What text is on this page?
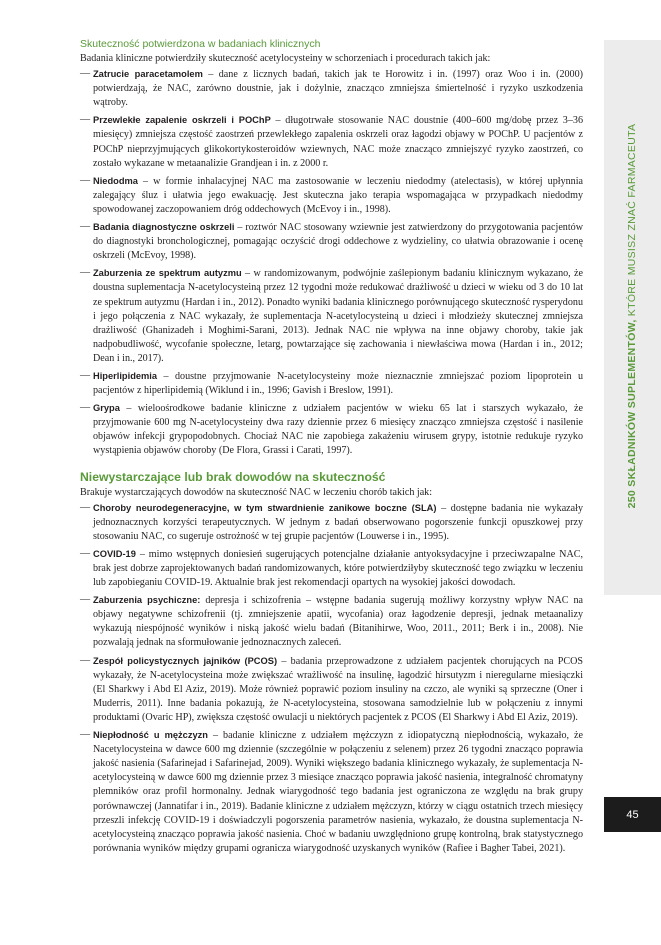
Skuteczność potwierdzona w badaniach klinicznych

Badania kliniczne potwierdziły skuteczność acetylocysteiny w schorzeniach i procedurach takich jak:

— Zatrucie paracetamolem – dane z licznych badań, takich jak te Horowitz i in. (1997) oraz Woo i in. (2000) potwierdzają, że NAC, zarówno doustnie, jak i dożylnie, znacząco zmniejsza śmiertelność i ryzyko uszkodzenia wątroby.
— Przewlekłe zapalenie oskrzeli i POChP – długotrwałe stosowanie NAC doustnie (400–600 mg/dobę przez 3–36 miesięcy) zmniejsza częstość zaostrzeń przewlekłego zapalenia oskrzeli oraz łagodzi objawy w POChP. U pacjentów z POChP nieprzyjmujących glikokortykosteroidów wziewnych, NAC może znacząco zmniejszyć ryzyko zaostrzeń, co zostało wykazane w metaanalizie Grandjean i in. z 2000 r.
— Niedodma – w formie inhalacyjnej NAC ma zastosowanie w leczeniu niedodmy (atelectasis), w której upłynnia zalegający śluz i ułatwia jego ewakuację. Jest skuteczna jako terapia wspomagająca w przypadkach niedodmy spowodowanej zaczopowaniem dróg oddechowych (McEvoy i in., 1998).
— Badania diagnostyczne oskrzeli – roztwór NAC stosowany wziewnie jest zatwierdzony do przygotowania pacjentów do diagnostyki bronchologicznej, pomagając oczyścić drogi oddechowe z wydzieliny, co ułatwia obrazowanie i ocenę oskrzeli (McEvoy, 1998).
— Zaburzenia ze spektrum autyzmu – w randomizowanym, podwójnie zaślepionym badaniu klinicznym wykazano, że doustna suplementacja N-acetylocysteiną przez 12 tygodni może redukować drażliwość u dzieci w wieku od 3 do 10 lat ze spektrum autyzmu (Hardan i in., 2012). Ponadto wyniki badania klinicznego porównującego skuteczność rysperydonu i jego połączenia z NAC wykazały, że suplementacja N-acetylocysteiną u dzieci i młodzieży skutecznej zmniejsza drażliwość (Ghanizadeh i Moghimi-Sarani, 2013). Jednak NAC nie wpływa na inne objawy choroby, takie jak nadpobudliwość, wycofanie społeczne, letarg, powtarzające się zachowania i niewłaściwa mowa (Hardan i in., 2012; Dean i in., 2017).
— Hiperlipidemia – doustne przyjmowanie N-acetylocysteiny może nieznacznie zmniejszać poziom lipoprotein u pacjentów z hiperlipidemią (Wiklund i in., 1996; Gavish i Breslow, 1991).
— Grypa – wieloośrodkowe badanie kliniczne z udziałem pacjentów w wieku 65 lat i starszych wykazało, że przyjmowanie 600 mg N-acetylocysteiny dwa razy dziennie przez 6 miesięcy znacząco zmniejsza częstość i nasilenie objawów infekcji grypopodobnych. Chociaż NAC nie zapobiega zakażeniu wirusem grypy, istotnie redukuje ryzyko wystąpienia objawów choroby (De Flora, Grassi i Carati, 1997).
Niewystarczające lub brak dowodów na skuteczność

Brakuje wystarczających dowodów na skuteczność NAC w leczeniu chorób takich jak:

— Choroby neurodegeneracyjne, w tym stwardnienie zanikowe boczne (SLA) – dostępne badania nie wykazały jednoznacznych korzyści terapeutycznych. W jednym z badań obserwowano pogorszenie funkcji opuszkowej przy stosowaniu NAC, co sugeruje ostrożność w tej grupie pacjentów (Louwerse i in., 1995).
— COVID-19 – mimo wstępnych doniesień sugerujących potencjalne działanie antyoksydacyjne i przeciwzapalne NAC, brak jest dobrze zaprojektowanych badań randomizowanych, które potwierdziłyby skuteczność tego związku w leczeniu lub zapobieganiu COVID-19. Aktualnie brak jest rekomendacji opartych na wysokiej jakości dowodach.
— Zaburzenia psychiczne: depresja i schizofrenia – wstępne badania sugerują możliwy korzystny wpływ NAC na objawy negatywne schizofrenii (tj. zmniejszenie apatii, wycofania) oraz łagodzenie depresji, jednak metaanalizy wykazują niespójność wyników i niską jakość wielu badań (Bitanihirwe, Woo, 2011., 2011; Berk i in., 2008). Nie pozwalają jednak na sformułowanie jednoznacznych zaleceń.
— Zespół policystycznych jajników (PCOS) – badania przeprowadzone z udziałem pacjentek chorujących na PCOS wykazały, że N-acetylocysteina może zwiększać wrażliwość na insulinę, łagodzić hirsutyzm i nieregularne miesiączki (El Sharkwy i Abd El Aziz, 2019). Może również poprawić poziom insuliny na czczo, ale wyniki są sprzeczne (Oner i Muderris, 2011). Inne badania pokazują, że N-acetylocysteina, stosowana samodzielnie lub w połączeniu z innymi produktami (Ovaric HP), zwiększa częstość owulacji u niektórych pacjentek z PCOS (El Sharkwy i Abd El Aziz, 2019).
— Niepłodność u mężczyzn – badanie kliniczne z udziałem mężczyzn z idiopatyczną niepłodnością, wykazało, że Nacetylocysteina w dawce 600 mg dziennie (szczególnie w połączeniu z selenem) przez 26 tygodni znacząco poprawia jakość nasienia (Safarinejad i Safarinejad, 2009). Wyniki większego badania klinicznego wykazały, że suplementacja N-acetylocysteiną w dawce 600 mg dziennie przez 3 miesiące znacząco poprawia jakość nasienia, integralność chromatyny plemników oraz profil hormonalny. Jednak wiarygodność tego badania jest ograniczona ze względu na brak grupy porównawczej (Jannatifar i in., 2019). Badanie kliniczne z udziałem mężczyzn, którzy w ciągu ostatnich trzech miesięcy przeszli infekcję COVID-19 i doświadczyli pogorszenia parametrów nasienia, wykazało, że doustna suplementacja N-acetylocysteiną znacząco poprawia jakość nasienia. Choć w badaniu uwzględniono grupę kontrolną, brak statystycznego porównania wyników między grupami ogranicza wiarygodność uzyskanych wyników (Rafiee i Bagher Tabei, 2021).
250 SKŁADNIKÓW SUPLEMENTÓW, KTÓRE MUSISZ ZNAĆ FARMACEUTA
45
